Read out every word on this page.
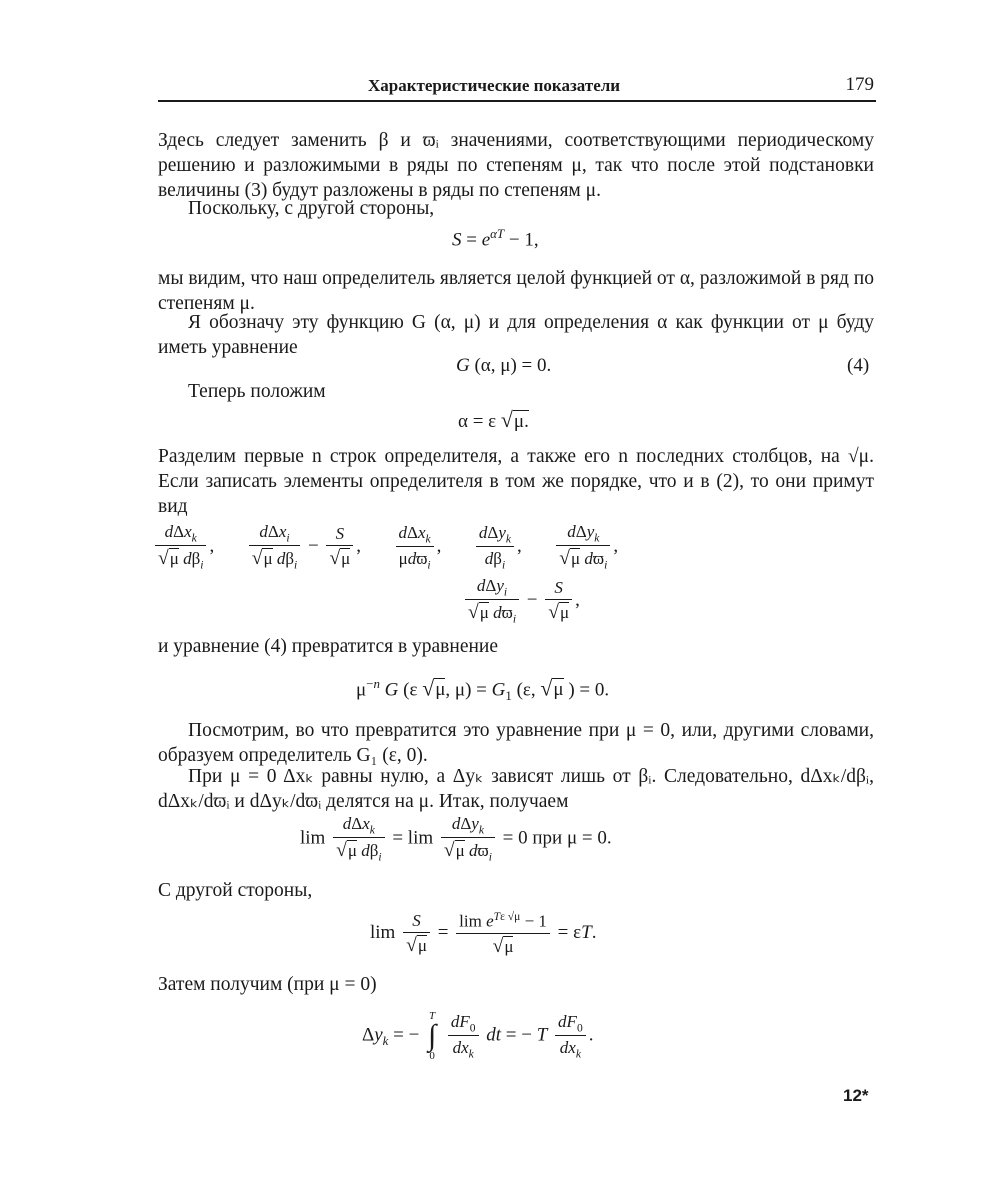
Характеристические показатели	179
Здесь следует заменить β и ϖᵢ значениями, соответствующими периодическому решению и разложимыми в ряды по степеням μ, так что после этой подстановки величины (3) будут разложены в ряды по степеням μ.
Поскольку, с другой стороны,
$S = e^{\alpha T} - 1$,
мы видим, что наш определитель является целой функцией от α, разложимой в ряд по степеням μ.
Я обозначу эту функцию G (α, μ) и для определения α как функции от μ буду иметь уравнение
G (α, μ) = 0.	(4)
Теперь положим
α = ε √μ.
Разделим первые n строк определителя, а также его n последних столбцов, на √μ. Если записать элементы определителя в том же порядке, что и в (2), то они примут вид
$\frac{d\Delta x_k}{√\mu d\beta_i}$ , $\frac{d\Delta x_i}{√\mu d\beta_i} - \frac{S}{√\mu}$ , $\frac{d\Delta x_k}{\mu dϖ_i}$ , $\frac{d\Delta y_k}{d\beta_i}$ , $\frac{d\Delta y_k}{√\mu dϖ_i}$ ,
$\frac{d\Delta y_i}{√\mu dϖ_i} - \frac{S}{√\mu}$ ,
и уравнение (4) превратится в уравнение
$\mu^{-n}$ G (ε √μ, $\mu) = G_1$ (ε, √μ ) = 0.
Посмотрим, во что превратится это уравнение при μ = 0, или, другими словами, образуем определитель G₁ (ε, 0).
При μ = 0 Δxₖ равны нулю, а Δyₖ зависят лишь от βᵢ. Следовательно, dΔxₖ/dβᵢ, dΔxₖ/dϖᵢ и dΔyₖ/dϖᵢ делятся на μ. Итак, получаем
$\lim \frac{d\Delta x_k}{√\mu d\beta_i} = \lim \frac{d\Delta y_k}{√\mu dϖ_i} = 0$ при μ = 0.
С другой стороны,
$\lim \frac{S}{√\mu} = \frac{\lim e^{T\varepsilon √\mu} - 1}{√\mu} = \varepsilon T$.
Затем получим (при μ = 0)
$\Delta y_k$ = −
T
∫
0
$\frac{dF_0}{dx_k}$ dt = − T $\frac{dF_0}{dx_k}$ .
12*
